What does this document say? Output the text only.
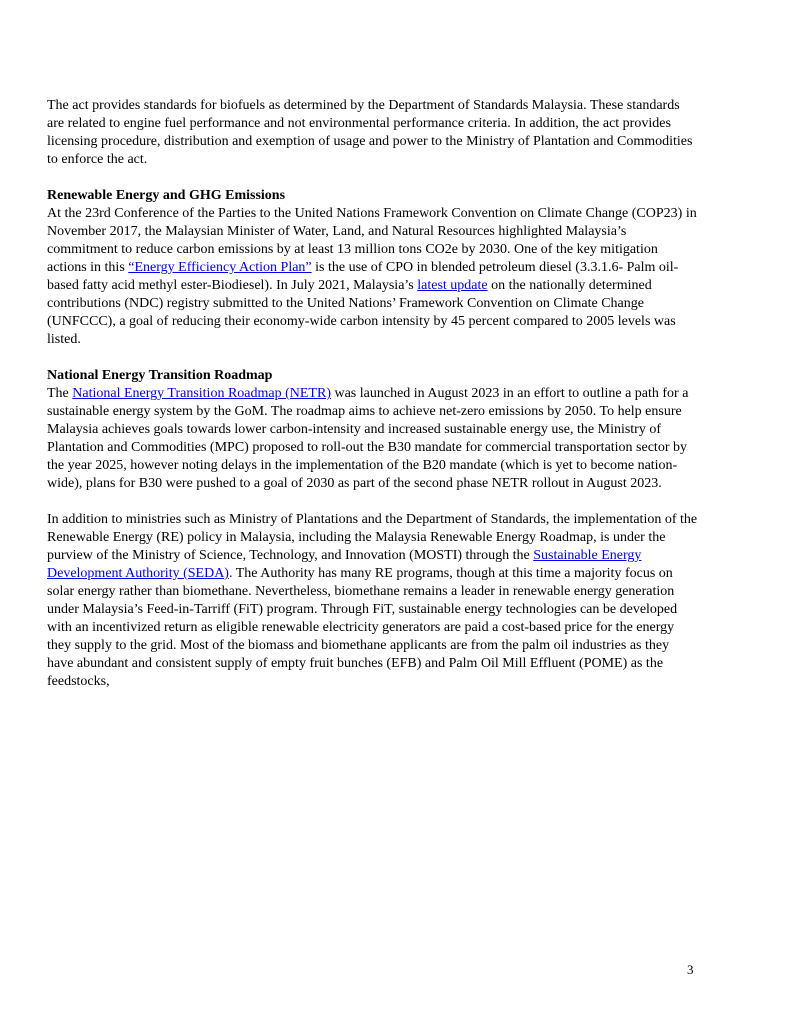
The act provides standards for biofuels as determined by the Department of Standards Malaysia. These standards are related to engine fuel performance and not environmental performance criteria. In addition, the act provides licensing procedure, distribution and exemption of usage and power to the Ministry of Plantation and Commodities to enforce the act.

Renewable Energy and GHG Emissions

At the 23rd Conference of the Parties to the United Nations Framework Convention on Climate Change (COP23) in November 2017, the Malaysian Minister of Water, Land, and Natural Resources highlighted Malaysia’s commitment to reduce carbon emissions by at least 13 million tons CO2e by 2030. One of the key mitigation actions in this “Energy Efficiency Action Plan” is the use of CPO in blended petroleum diesel (3.3.1.6- Palm oil-based fatty acid methyl ester-Biodiesel). In July 2021, Malaysia’s latest update on the nationally determined contributions (NDC) registry submitted to the United Nations’ Framework Convention on Climate Change (UNFCCC), a goal of reducing their economy-wide carbon intensity by 45 percent compared to 2005 levels was listed.

National Energy Transition Roadmap

The National Energy Transition Roadmap (NETR) was launched in August 2023 in an effort to outline a path for a sustainable energy system by the GoM. The roadmap aims to achieve net-zero emissions by 2050. To help ensure Malaysia achieves goals towards lower carbon-intensity and increased sustainable energy use, the Ministry of Plantation and Commodities (MPC) proposed to roll-out the B30 mandate for commercial transportation sector by the year 2025, however noting delays in the implementation of the B20 mandate (which is yet to become nation-wide), plans for B30 were pushed to a goal of 2030 as part of the second phase NETR rollout in August 2023.

In addition to ministries such as Ministry of Plantations and the Department of Standards, the implementation of the Renewable Energy (RE) policy in Malaysia, including the Malaysia Renewable Energy Roadmap, is under the purview of the Ministry of Science, Technology, and Innovation (MOSTI) through the Sustainable Energy Development Authority (SEDA). The Authority has many RE programs, though at this time a majority focus on solar energy rather than biomethane. Nevertheless, biomethane remains a leader in renewable energy generation under Malaysia’s Feed-in-Tarriff (FiT) program. Through FiT, sustainable energy technologies can be developed with an incentivized return as eligible renewable electricity generators are paid a cost-based price for the energy they supply to the grid. Most of the biomass and biomethane applicants are from the palm oil industries as they have abundant and consistent supply of empty fruit bunches (EFB) and Palm Oil Mill Effluent (POME) as the feedstocks,

3
